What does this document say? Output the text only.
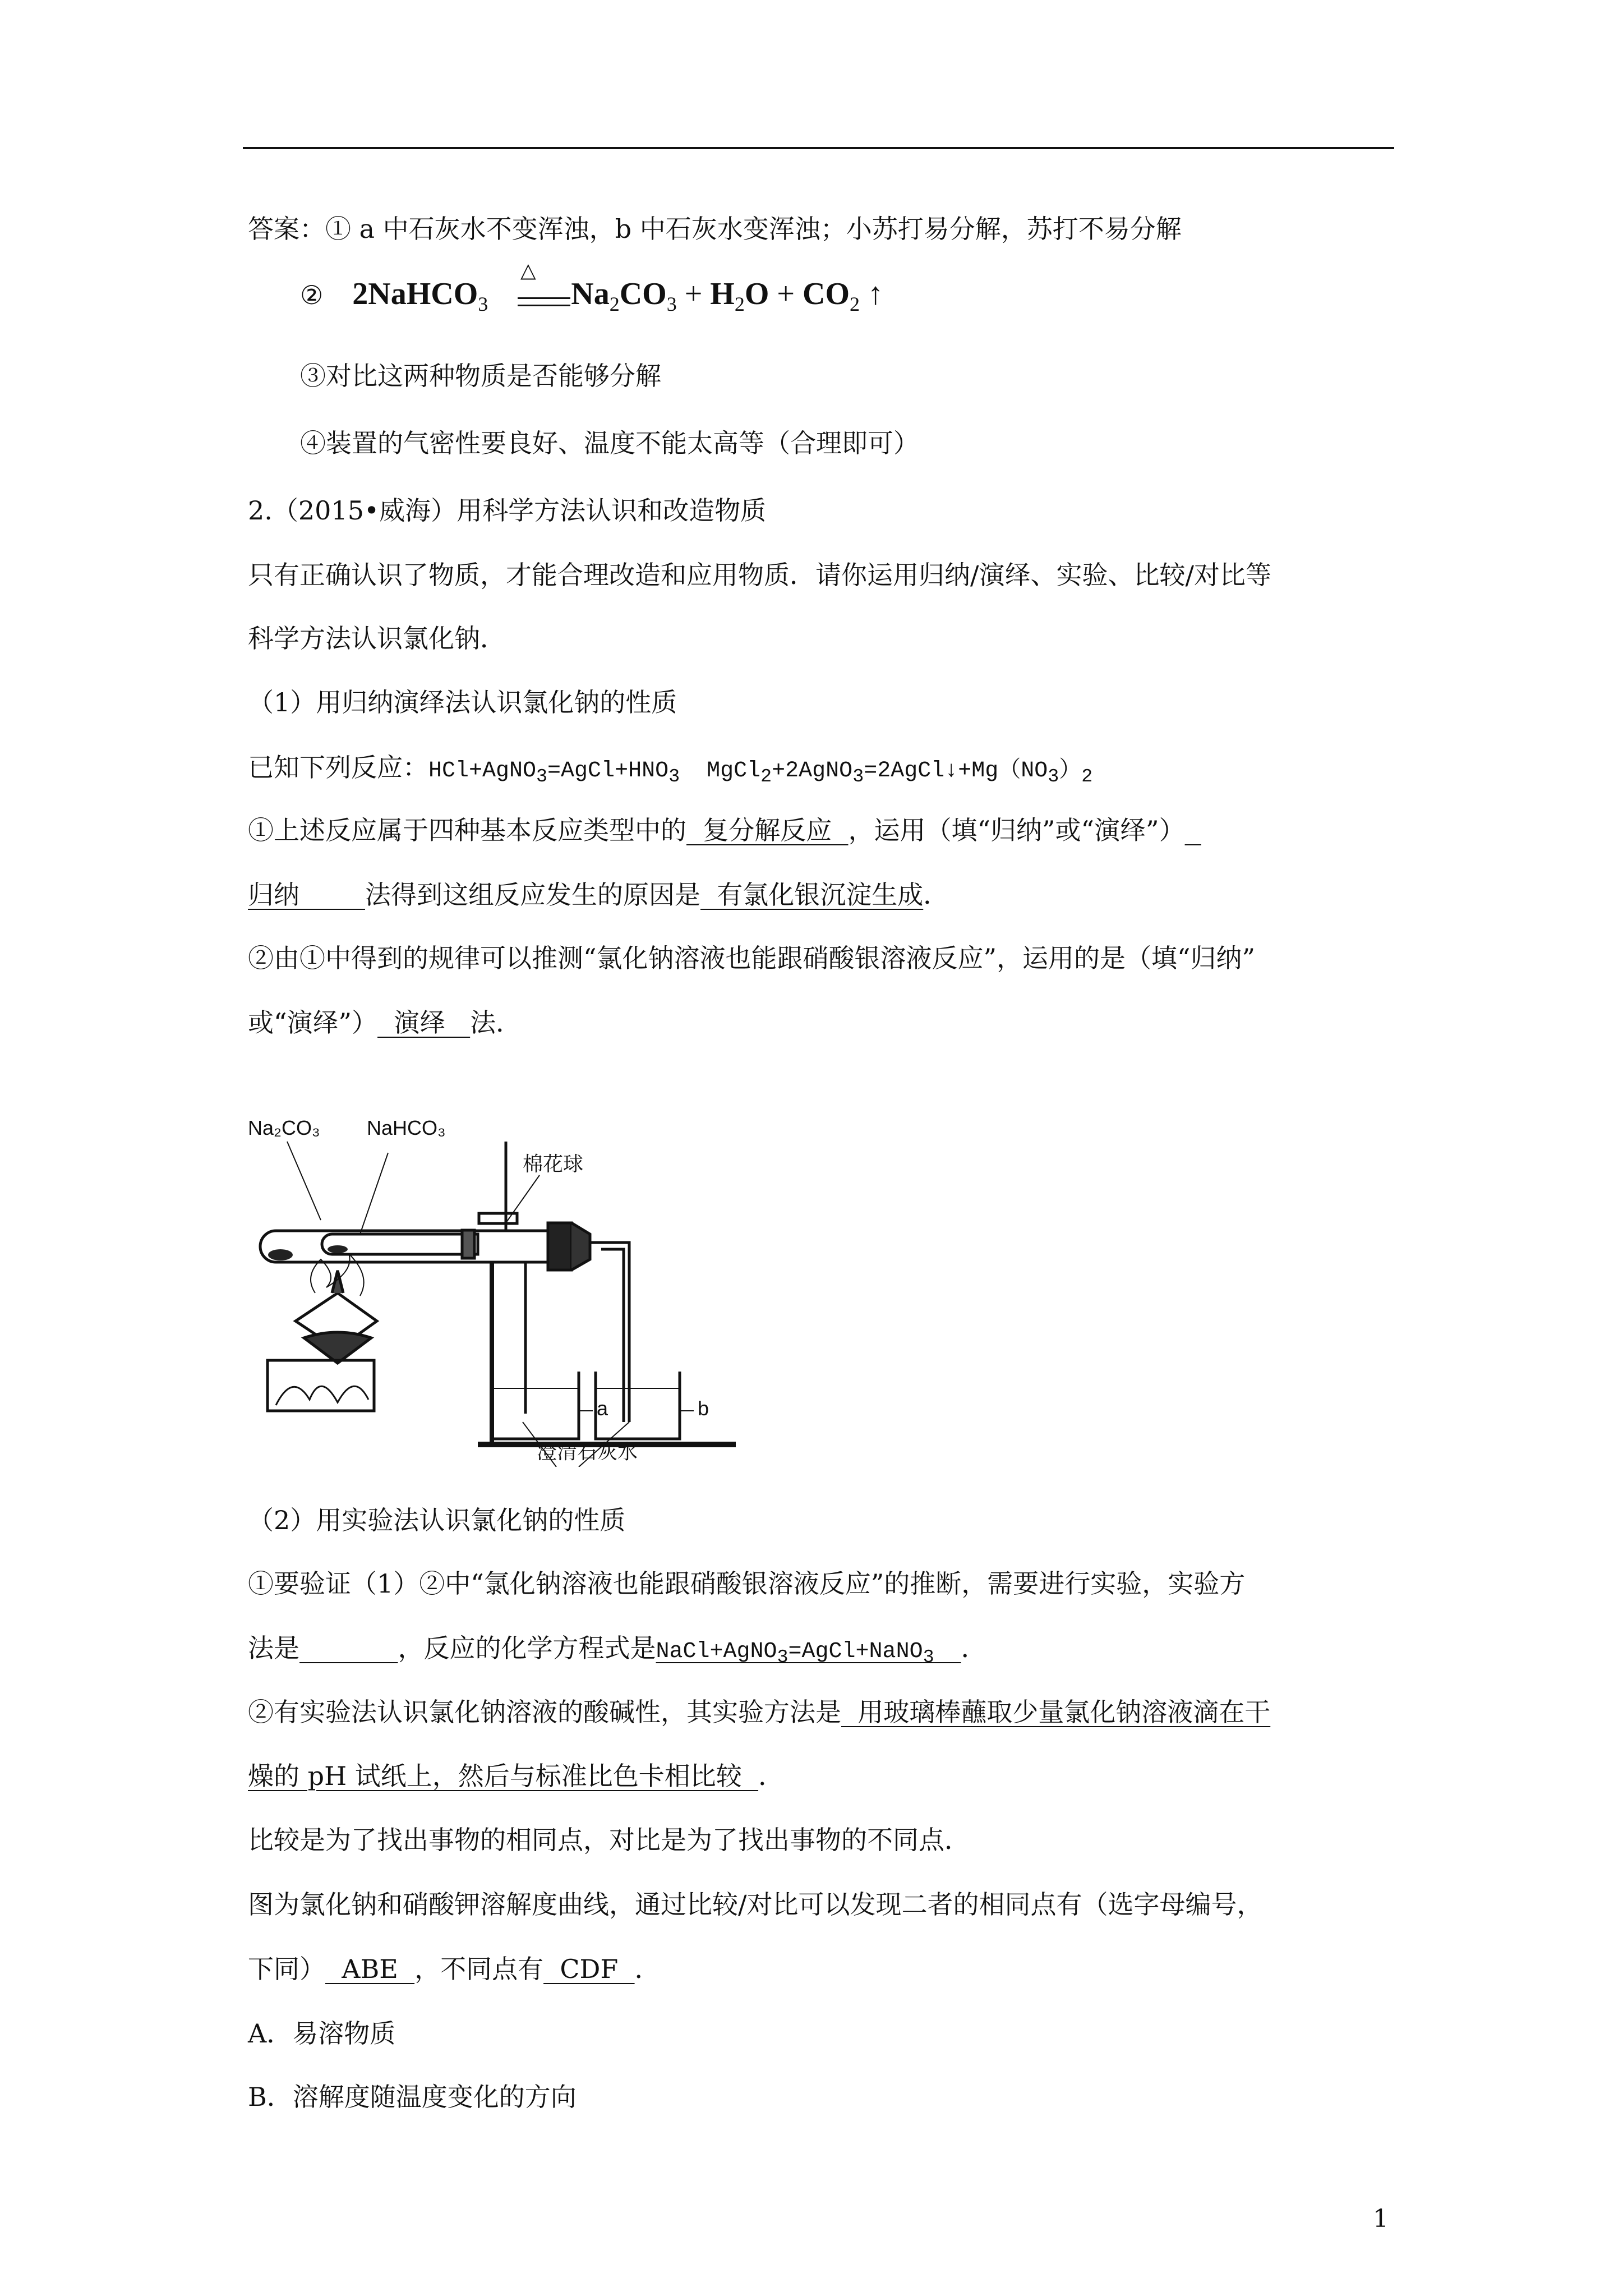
答案：① a 中石灰水不变浑浊，b 中石灰水变浑浊；小苏打易分解，苏打不易分解
② 2NaHCO$_3$	$Na_2CO_3 + H_2O + CO_2$ ↑
△
③对比这两种物质是否能够分解
④装置的气密性要良好、温度不能太高等（合理即可）
2.（2015•威海）用科学方法认识和改造物质
只有正确认识了物质，才能合理改造和应用物质．请你运用归纳/演绎、实验、比较/对比等
科学方法认识氯化钠．
（1）用归纳演绎法认识氯化钠的性质
已知下列反应：$HCl+AgNO_3=AgCl+HNO_3$ $MgCl_2+2AgNO_3=2AgCl↓+Mg(NO_3)_2$
①上述反应属于四种基本反应类型中的  复分解反应  ，运用（填“归纳”或“演绎”）
归纳        法得到这组反应发生的原因是  有氯化银沉淀生成．
②由①中得到的规律可以推测“氯化钠溶液也能跟硝酸银溶液反应”，运用的是（填“归纳”
或“演绎”）  演绎   法．
Na₂CO₃ NaHCO₃
棉花球
a	b
澄清石灰水
（2）用实验法认识氯化钠的性质
①要验证（1）②中“氯化钠溶液也能跟硝酸银溶液反应”的推断，需要进行实验，实验方
法是	，反应的化学方程式是NaCl+AgNO$_3$=AgCl+NaNO$_3$ ．
②有实验法认识氯化钠溶液的酸碱性，其实验方法是  用玻璃棒蘸取少量氯化钠溶液滴在干
燥的 pH 试纸上，然后与标准比色卡相比较  ．
比较是为了找出事物的相同点，对比是为了找出事物的不同点．
图为氯化钠和硝酸钾溶解度曲线，通过比较/对比可以发现二者的相同点有（选字母编号，
下同）  ABE  ，不同点有  CDF  ．
A．易溶物质
B．溶解度随温度变化的方向
1
